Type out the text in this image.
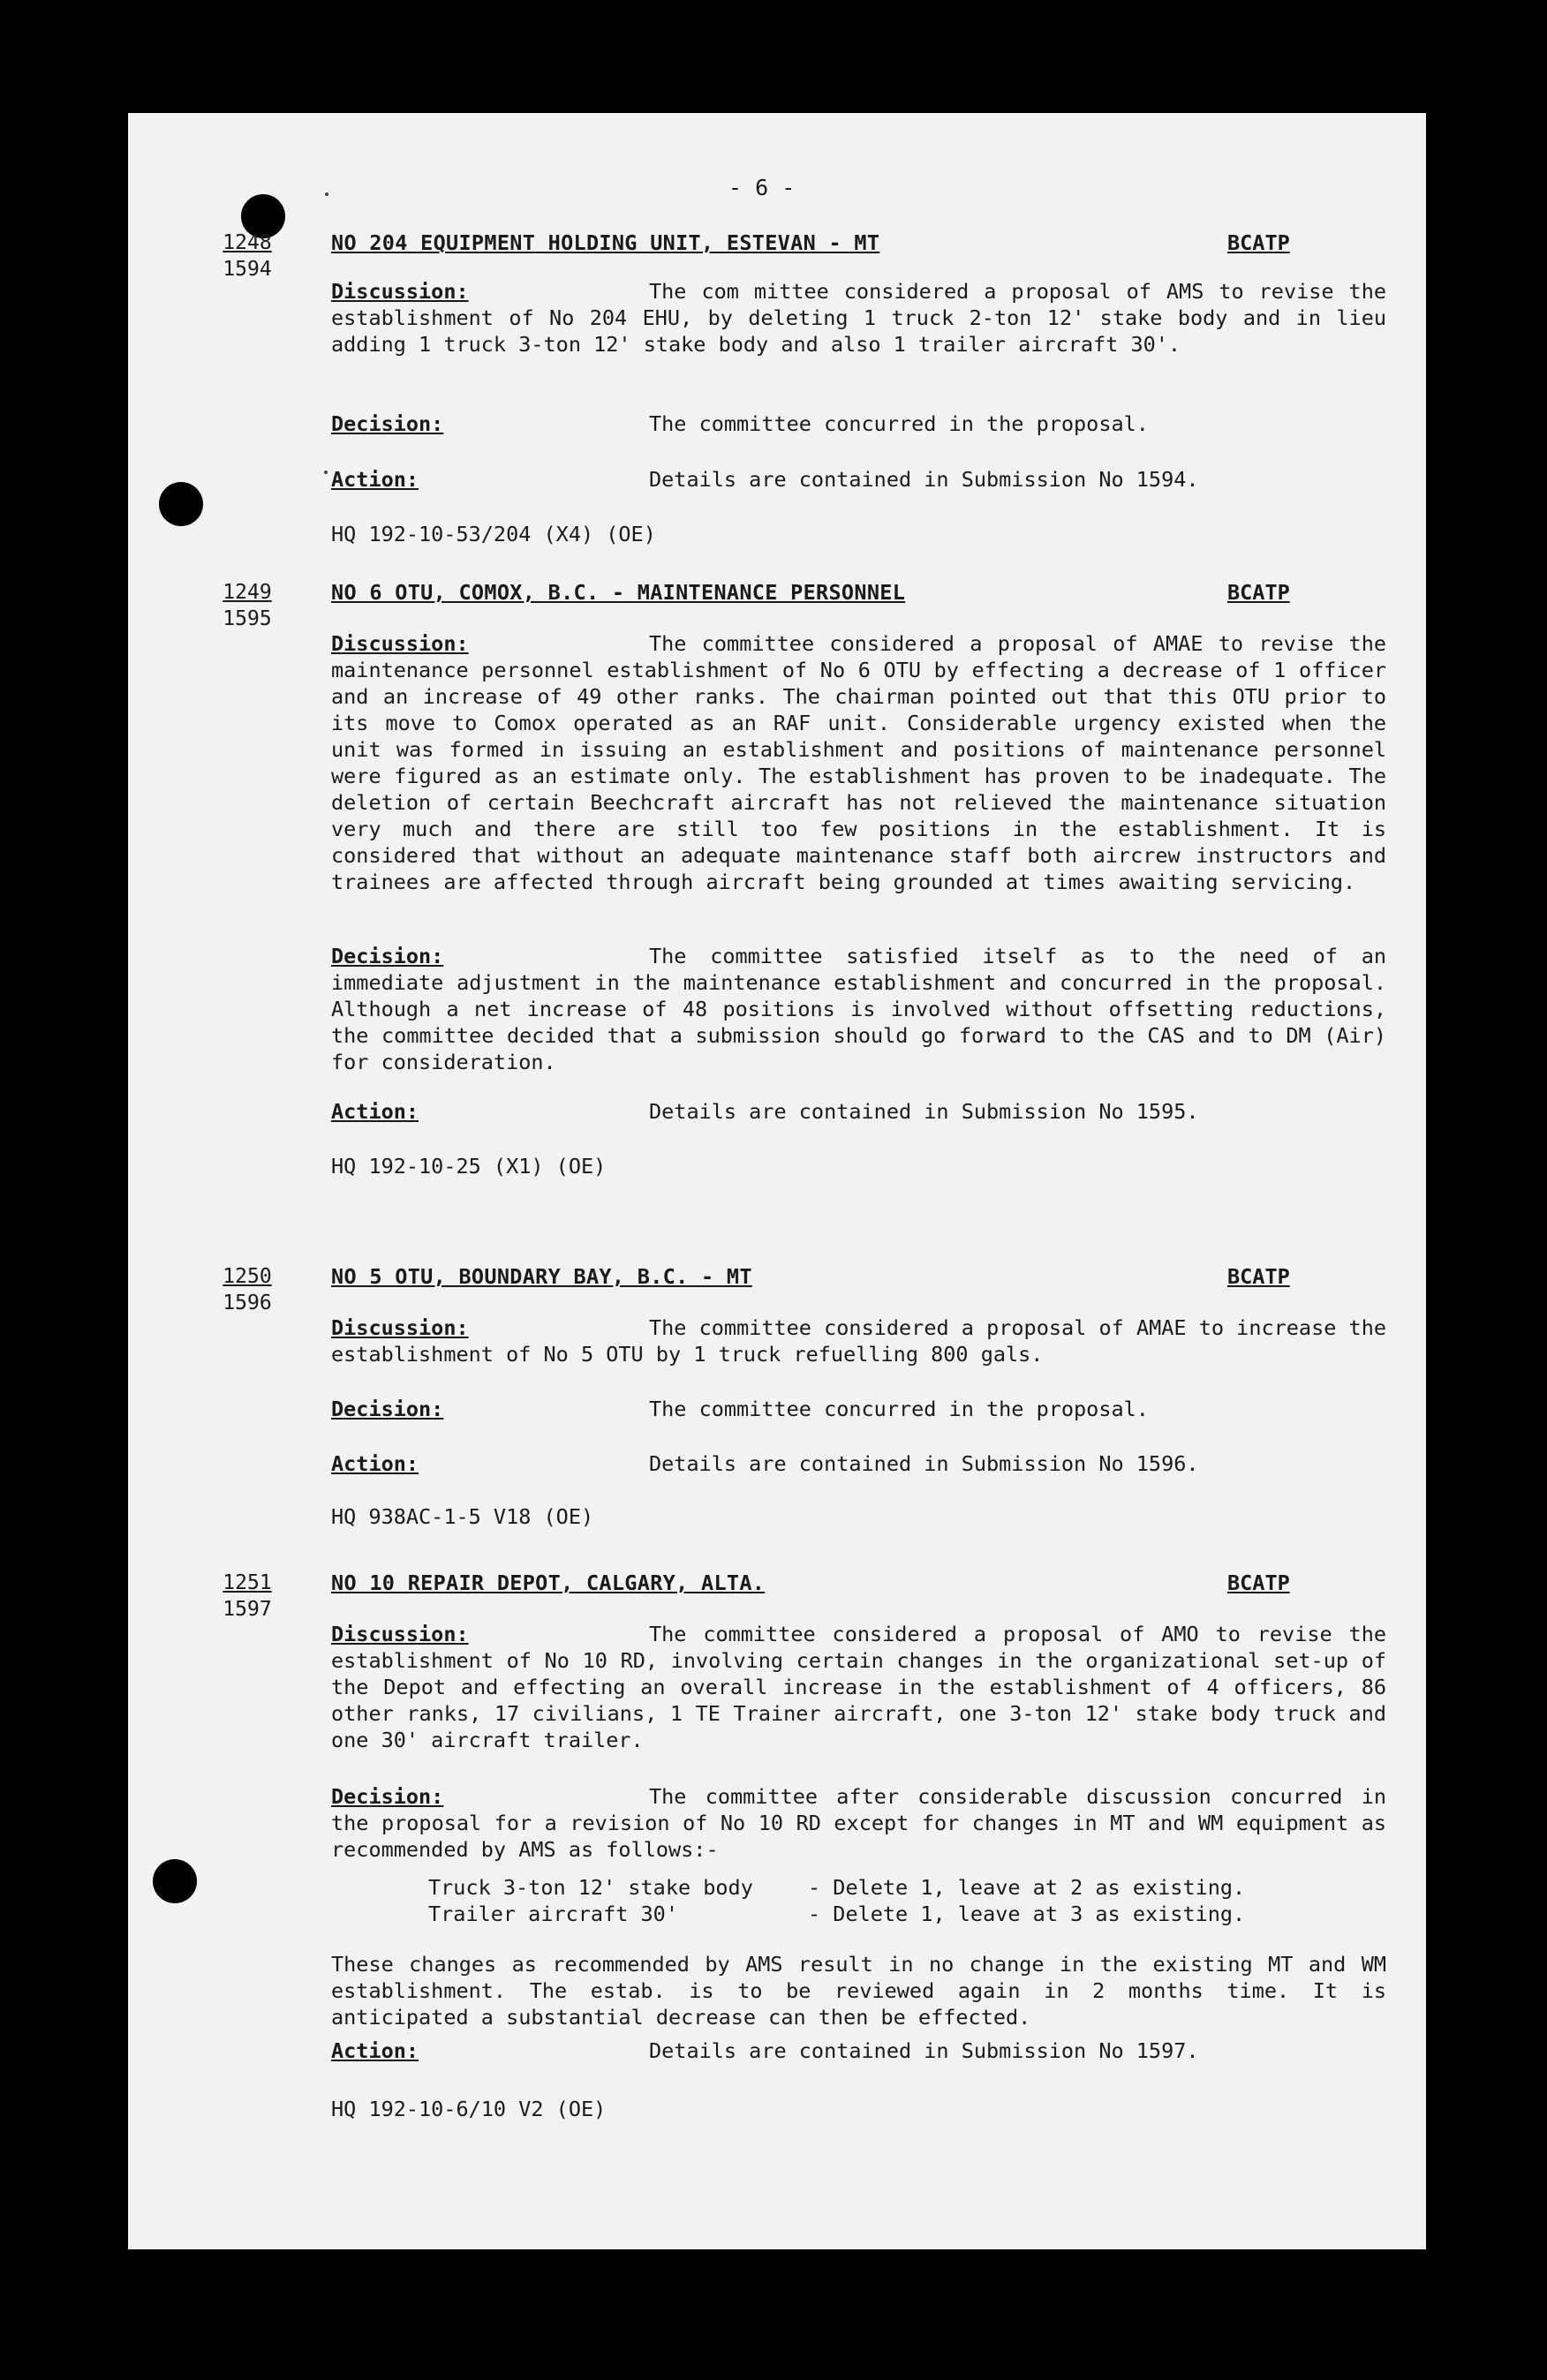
- 6 -
1248
1594
NO 204 EQUIPMENT HOLDING UNIT, ESTEVAN - MT	BCATP

Discussion:	The com mittee considered a proposal of AMS to revise the establishment of No 204 EHU, by deleting 1 truck 2-ton 12' stake body and in lieu adding 1 truck 3-ton 12' stake body and also 1 trailer aircraft 30'.

Decision:	The committee concurred in the proposal.
Action:	Details are contained in Submission No 1594.
HQ 192-10-53/204 (X4) (OE)
1249
1595
NO 6 OTU, COMOX, B.C. - MAINTENANCE PERSONNEL	BCATP

Discussion:	The committee considered a proposal of AMAE to revise the maintenance personnel establishment of No 6 OTU by effecting a decrease of 1 officer and an increase of 49 other ranks. The chairman pointed out that this OTU prior to its move to Comox operated as an RAF unit. Considerable urgency existed when the unit was formed in issuing an establishment and positions of maintenance personnel were figured as an estimate only. The establishment has proven to be inadequate. The deletion of certain Beechcraft aircraft has not relieved the maintenance situation very much and there are still too few positions in the establishment. It is considered that without an adequate maintenance staff both aircrew instructors and trainees are affected through aircraft being grounded at times awaiting servicing.

Decision:	The committee satisfied itself as to the need of an immediate adjustment in the maintenance establishment and concurred in the proposal. Although a net increase of 48 positions is involved without offsetting reductions, the committee decided that a submission should go forward to the CAS and to DM (Air) for consideration.

Action:	Details are contained in Submission No 1595.
HQ 192-10-25 (X1) (OE)
1250
1596
NO 5 OTU, BOUNDARY BAY, B.C. - MT	BCATP

Discussion:	The committee considered a proposal of AMAE to increase the establishment of No 5 OTU by 1 truck refuelling 800 gals.

Decision:	The committee concurred in the proposal.
Action:	Details are contained in Submission No 1596.
HQ 938AC-1-5 V18 (OE)
1251
1597
NO 10 REPAIR DEPOT, CALGARY, ALTA.	BCATP

Discussion:	The committee considered a proposal of AMO to revise the establishment of No 10 RD, involving certain changes in the organizational set-up of the Depot and effecting an overall increase in the establishment of 4 officers, 86 other ranks, 17 civilians, 1 TE Trainer aircraft, one 3-ton 12' stake body truck and one 30' aircraft trailer.

Decision:	The committee after considerable discussion concurred in the proposal for a revision of No 10 RD except for changes in MT and WM equipment as recommended by AMS as follows:-

Truck 3-ton 12' stake body	- Delete 1, leave at 2 as existing.
Trailer aircraft 30'	- Delete 1, leave at 3 as existing.

These changes as recommended by AMS result in no change in the existing MT and WM establishment. The estab. is to be reviewed again in 2 months time. It is anticipated a substantial decrease can then be effected.

Action:	Details are contained in Submission No 1597.
HQ 192-10-6/10 V2 (OE)
